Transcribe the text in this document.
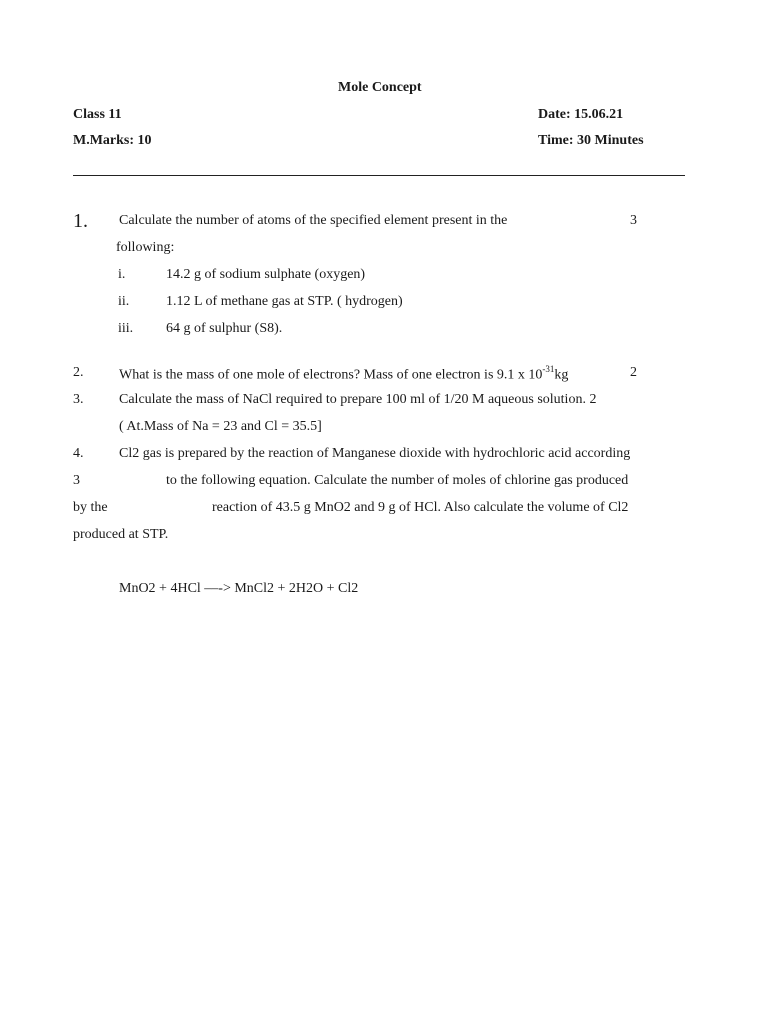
Mole Concept
Class 11	Date: 15.06.21
M.Marks: 10	Time: 30 Minutes
1. Calculate the number of atoms of the specified element present in the	3
following:
i.	14.2 g of sodium sulphate (oxygen)
ii.	1.12 L of methane gas at STP. ( hydrogen)
iii. 64 g of sulphur (S8).
2.	What is the mass of one mole of electrons? Mass of one electron is 9.1 x $10^{-31}kg$	2
3.	Calculate the mass of NaCl required to prepare 100 ml of 1/20 M aqueous solution. 2
( At.Mass of Na = 23 and Cl = 35.5]
4.	Cl2 gas is prepared by the reaction of Manganese dioxide with hydrochloric acid according
3	to the following equation. Calculate the number of moles of chlorine gas produced
by the	reaction of 43.5 g MnO2 and 9 g of HCl. Also calculate the volume of Cl2
produced at STP.
MnO2 + 4HCl ––-> MnCl2 + 2H2O + Cl2
